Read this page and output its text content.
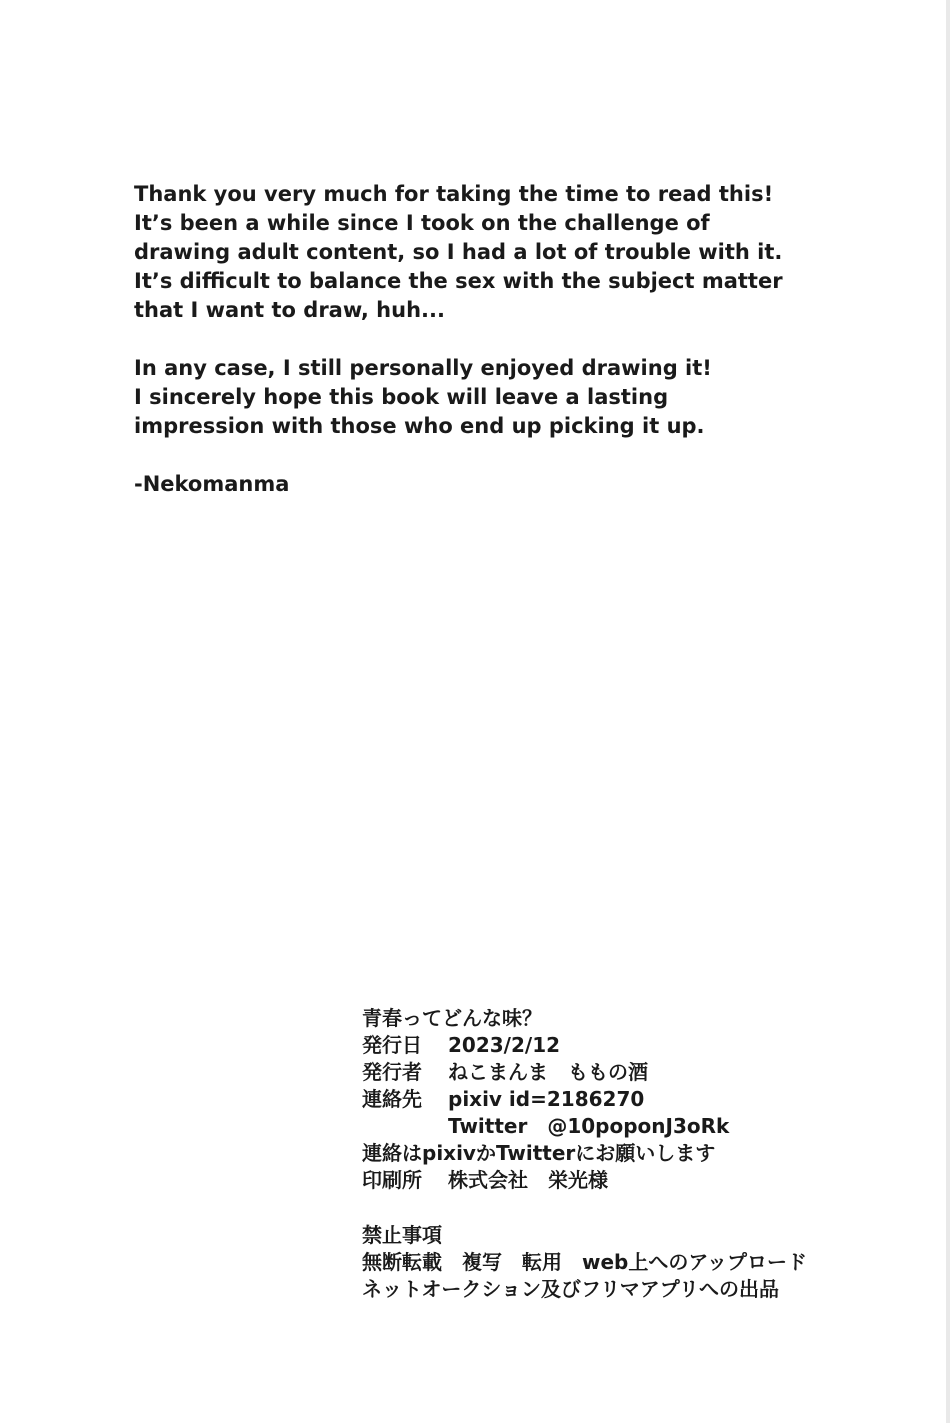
Thank you very much for taking the time to read this!
It’s been a while since I took on the challenge of
drawing adult content, so I had a lot of trouble with it.
It’s difficult to balance the sex with the subject matter
that I want to draw, huh...
In any case, I still personally enjoyed drawing it!
I sincerely hope this book will leave a lasting
impression with those who end up picking it up.
-Nekomanma
青春ってどんな味？
発行日	2023/2/12
発行者	ねこまんま　ももの酒
連絡先	pixiv id=2186270
Twitter　@10poponJ3oRk
連絡はpixivかTwitterにお願いします
印刷所	株式会社　栄光様
禁止事項
無断転載　複写　転用　web上へのアップロード
ネットオークション及びフリマアプリへの出品
